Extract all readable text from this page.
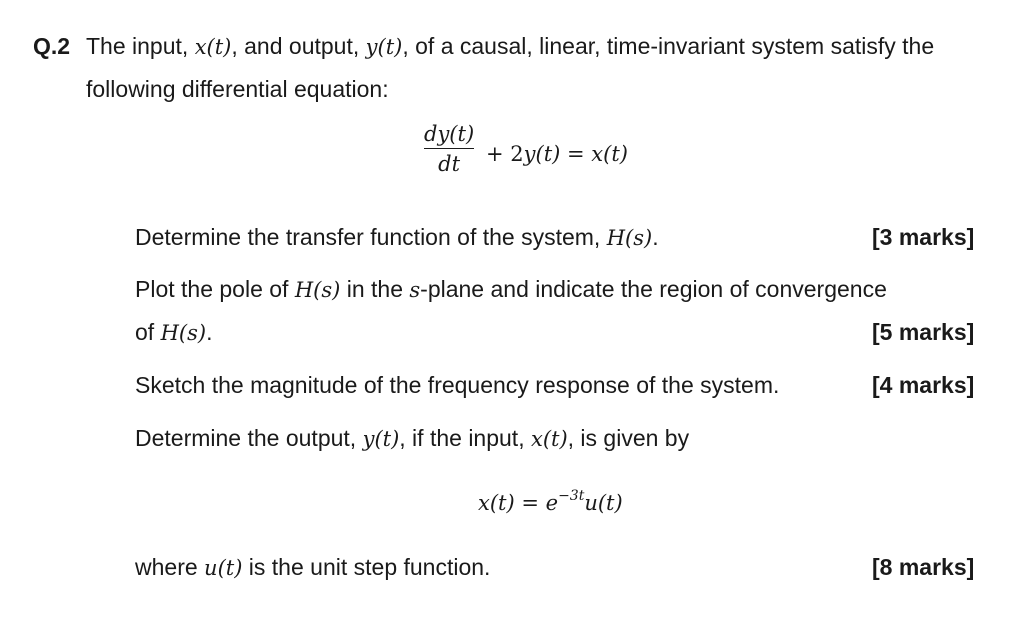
Q.2 The input, x(t), and output, y(t), of a causal, linear, time-invariant system satisfy the
following differential equation:
dy(t)
dt	+ 2y(t) = x(t)
Determine the transfer function of the system, H(s).	[3 marks]
Plot the pole of H(s) in the s-plane and indicate the region of convergence
of H(s).	[5 marks]
Sketch the magnitude of the frequency response of the system.	[4 marks]
Determine the output, y(t), if the input, x(t), is given by
$x(t) = e^{-3t}u(t)$
where u(t) is the unit step function.	[8 marks]
